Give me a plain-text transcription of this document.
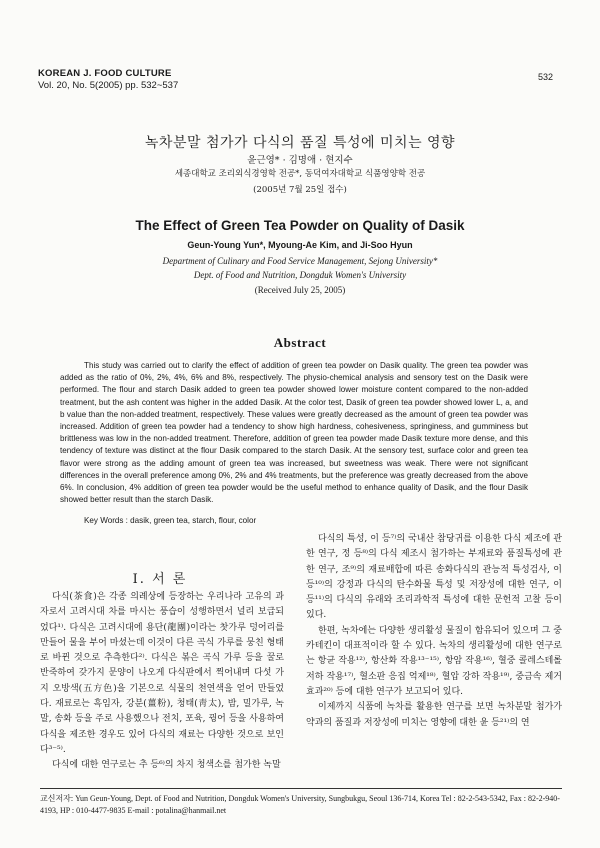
KOREAN J. FOOD CULTURE
Vol. 20, No. 5(2005) pp. 532~537
532
녹차분말 첨가가 다식의 품질 특성에 미치는 영향
윤근영* · 김명애 · 현지수
세종대학교 조리외식경영학 전공*, 동덕여자대학교 식품영양학 전공
(2005년 7월 25일 접수)
The Effect of Green Tea Powder on Quality of Dasik
Geun-Young Yun*, Myoung-Ae Kim, and Ji-Soo Hyun
Department of Culinary and Food Service Management, Sejong University*
Dept. of Food and Nutrition, Dongduk Women's University
(Received July 25, 2005)
Abstract
This study was carried out to clarify the effect of addition of green tea powder on Dasik quality. The green tea powder was added as the ratio of 0%, 2%, 4%, 6% and 8%, respectively. The physio-chemical analysis and sensory test on the Dasik were performed. The flour and starch Dasik added to green tea powder showed lower moisture content compared to the non-added treatment, but the ash content was higher in the added Dasik. At the color test, Dasik of green tea powder showed lower L, a, and b value than the non-added treatment, respectively. These values were greatly decreased as the amount of green tea powder was increased. Addition of green tea powder had a tendency to show high hardness, cohesiveness, springiness, and gumminess but brittleness was low in the non-added treatment. Therefore, addition of green tea powder made Dasik texture more dense, and this tendency of texture was distinct at the flour Dasik compared to the starch Dasik. At the sensory test, surface color and green tea flavor were strong as the adding amount of green tea was increased, but sweetness was weak. There were not significant differences in the overall preference among 0%, 2% and 4% treatments, but the preference was greatly decreased from the above 6%. In conclusion, 4% addition of green tea powder would be the useful method to enhance quality of Dasik, and the flour Dasik showed better result than the starch Dasik.
Key Words : dasik, green tea, starch, flour, color
I. 서 론

다식(茶食)은 각종 의례상에 등장하는 우리나라 고유의 과자로서 고려시대 차를 마시는 풍습이 성행하면서 널리 보급되었다¹⁾. 다식은 고려시대에 용단(龍團)이라는 찻가루 덩어리를 만들어 물을 부어 마셨는데 이것이 다른 곡식 가루를 뭉친 형태로 바뀐 것으로 추측한다²⁾. 다식은 볶은 곡식 가루 등을 꿀로 반죽하여 갖가지 문양이 나오게 다식판에서 찍어내며 다섯 가지 오방색(五方色)을 기본으로 식물의 천연색을 얻어 만들었다. 재료로는 흑임자, 강분(薑粉), 청태(靑太), 밤, 밀가루, 녹말, 송화 등을 주로 사용했으나 전치, 포육, 꿩어 등을 사용하여 다식을 제조한 경우도 있어 다식의 재료는 다양한 것으로 보인다³⁻⁵⁾.

다식에 대한 연구로는 추 등⁶⁾의 차지 청색소를 첨가한 녹말

다식의 특성, 이 등⁷⁾의 국내산 참당귀를 이용한 다식 제조에 관한 연구, 정 등⁸⁾의 다식 제조시 첨가하는 부재료와 품질특성에 관한 연구, 조⁹⁾의 재료배합에 따른 송화다식의 관능적 특성검사, 이 등¹⁰⁾의 강정과 다식의 탄수화물 특성 및 저장성에 대한 연구, 이 등¹¹⁾의 다식의 유래와 조리과학적 특성에 대한 문헌적 고찰 등이 있다.

한편, 녹차에는 다양한 생리활성 물질이 함유되어 있으며 그 중 카테킨이 대표적이라 할 수 있다. 녹차의 생리활성에 대한 연구로는 항균 작용¹²⁾, 항산화 작용¹³⁻¹⁵⁾, 항암 작용¹⁶⁾, 혈중 콜레스테롤 저하 작용¹⁷⁾, 혈소판 응집 억제¹⁸⁾, 혈압 강하 작용¹⁹⁾, 중금속 제거 효과²⁰⁾ 등에 대한 연구가 보고되어 있다.

이제까지 식품에 녹차를 활용한 연구를 보면 녹차분말 첨가가 약과의 품질과 저장성에 미치는 영향에 대한 윤 등²¹⁾의 연

교신저자: Yun Geun-Young, Dept. of Food and Nutrition, Dongduk Women's University, Sungbukgu, Seoul 136-714, Korea Tel : 82-2-543-5342, Fax : 82-2-940-4193, HP : 010-4477-9835 E-mail : potalina@hanmail.net
